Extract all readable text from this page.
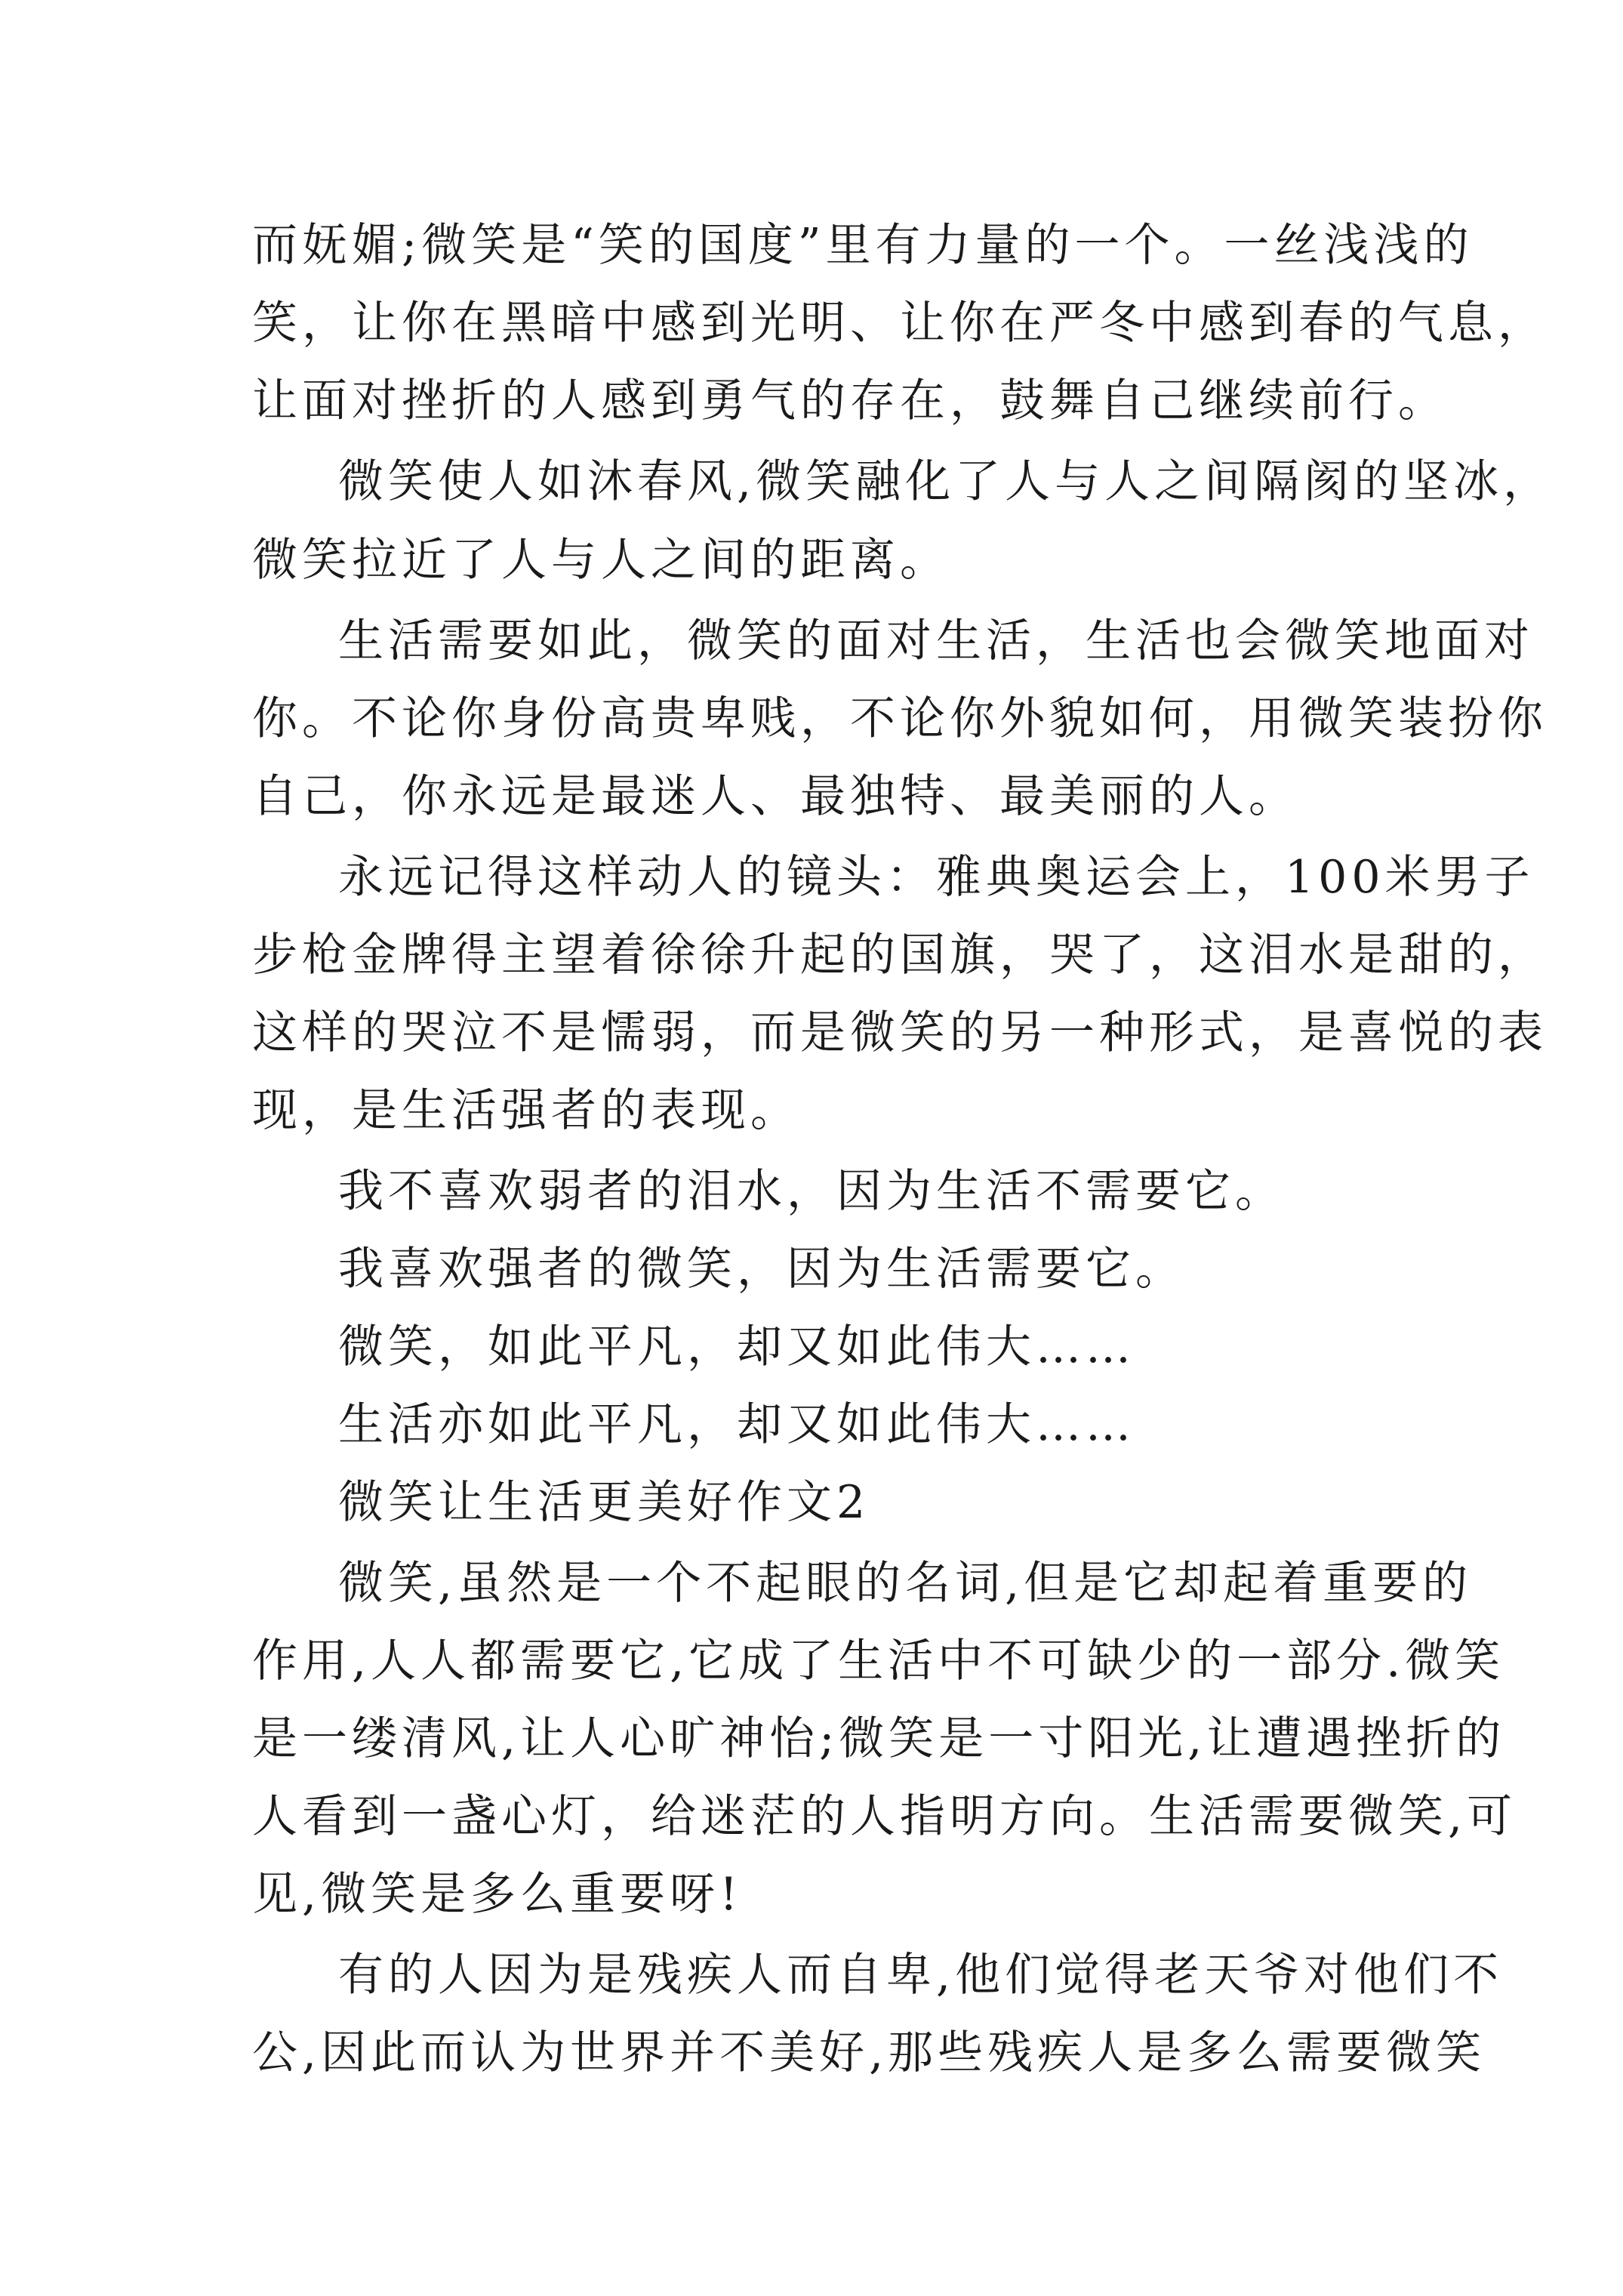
而妩媚;微笑是“笑的国度”里有力量的一个。一丝浅浅的
笑，让你在黑暗中感到光明、让你在严冬中感到春的气息，
让面对挫折的人感到勇气的存在，鼓舞自己继续前行。
微笑使人如沐春风,微笑融化了人与人之间隔阂的坚冰，
微笑拉近了人与人之间的距离。
生活需要如此，微笑的面对生活，生活也会微笑地面对
你。不论你身份高贵卑贱，不论你外貌如何，用微笑装扮你
自己，你永远是最迷人、最独特、最美丽的人。
永远记得这样动人的镜头：雅典奥运会上，100米男子
步枪金牌得主望着徐徐升起的国旗，哭了，这泪水是甜的，
这样的哭泣不是懦弱，而是微笑的另一种形式，是喜悦的表
现，是生活强者的表现。
我不喜欢弱者的泪水，因为生活不需要它。
我喜欢强者的微笑，因为生活需要它。
微笑，如此平凡，却又如此伟大……
生活亦如此平凡，却又如此伟大……
微笑让生活更美好作文2
微笑,虽然是一个不起眼的名词,但是它却起着重要的
作用,人人都需要它,它成了生活中不可缺少的一部分.微笑
是一缕清风,让人心旷神怡;微笑是一寸阳光,让遭遇挫折的
人看到一盏心灯，给迷茫的人指明方向。生活需要微笑,可
见,微笑是多么重要呀!
有的人因为是残疾人而自卑,他们觉得老天爷对他们不
公,因此而认为世界并不美好,那些残疾人是多么需要微笑
